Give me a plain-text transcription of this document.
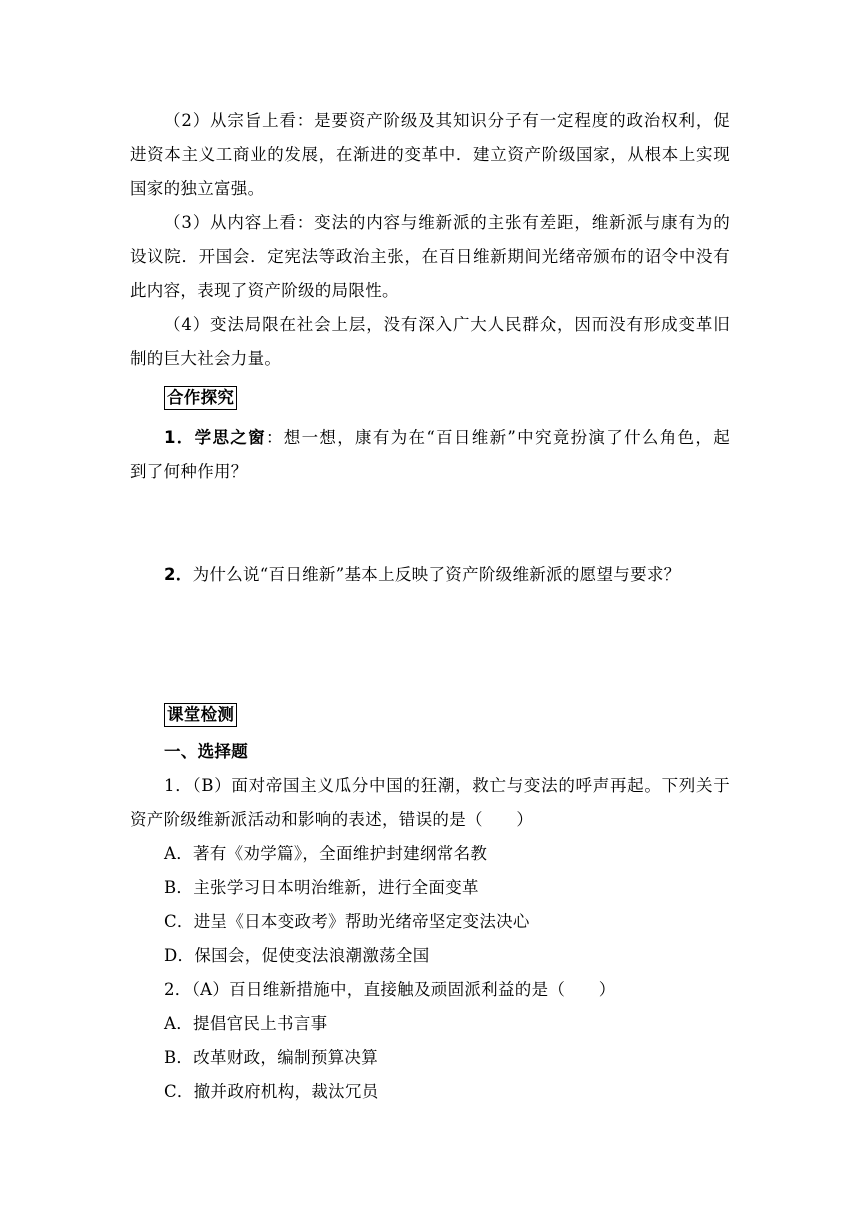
（2）从宗旨上看：是要资产阶级及其知识分子有一定程度的政治权利，促
进资本主义工商业的发展，在渐进的变革中．建立资产阶级国家，从根本上实现
国家的独立富强。
（3）从内容上看：变法的内容与维新派的主张有差距，维新派与康有为的
设议院．开国会．定宪法等政治主张，在百日维新期间光绪帝颁布的诏令中没有
此内容，表现了资产阶级的局限性。
（4）变法局限在社会上层，没有深入广大人民群众，因而没有形成变革旧
制的巨大社会力量。
合作探究
1．学思之窗：想一想，康有为在“百日维新”中究竟扮演了什么角色，起
到了何种作用？
2．为什么说“百日维新”基本上反映了资产阶级维新派的愿望与要求？
课堂检测
一、选择题
1．（B）面对帝国主义瓜分中国的狂潮，救亡与变法的呼声再起。下列关于
资产阶级维新派活动和影响的表述，错误的是（　　）
A．著有《劝学篇》，全面维护封建纲常名教
B．主张学习日本明治维新，进行全面变革
C．进呈《日本变政考》帮助光绪帝坚定变法决心
D．保国会，促使变法浪潮激荡全国
2．（A）百日维新措施中，直接触及顽固派利益的是（　　）
A．提倡官民上书言事
B．改革财政，编制预算决算
C．撤并政府机构，裁汰冗员
